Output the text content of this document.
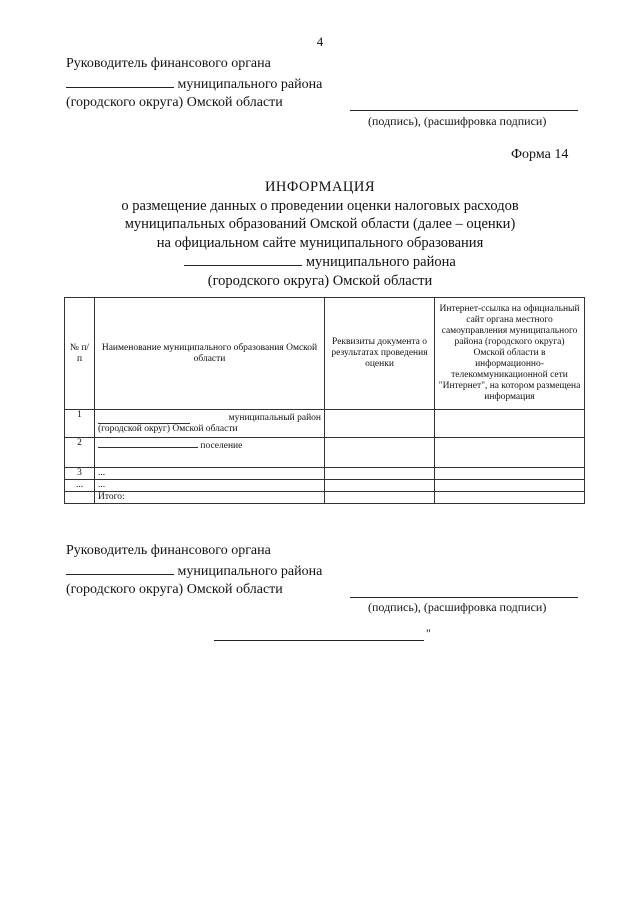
4
Руководитель финансового органа
муниципального района
(городского округа) Омской области
(подпись), (расшифровка подписи)
Форма 14
ИНФОРМАЦИЯ
о размещение данных о проведении оценки налоговых расходов
муниципальных образований Омской области (далее – оценки)
на официальном сайте муниципального образования
муниципального района
(городского округа) Омской области
№ п/п	Наименование муниципального образования Омской области	Реквизиты документа о результатах проведения оценки	Интернет-ссылка на официальный сайт органа местного самоуправления муниципального района (городского округа) Омской области в информационно-телекоммуникационной сети "Интернет", на котором размещена информация
1	муниципальный район
(городской округ) Омской области		

2	поселение		
3	...		
...	...		
	Итого:		
Руководитель финансового органа
муниципального района
(городского округа) Омской области
(подпись), (расшифровка подписи)
"
